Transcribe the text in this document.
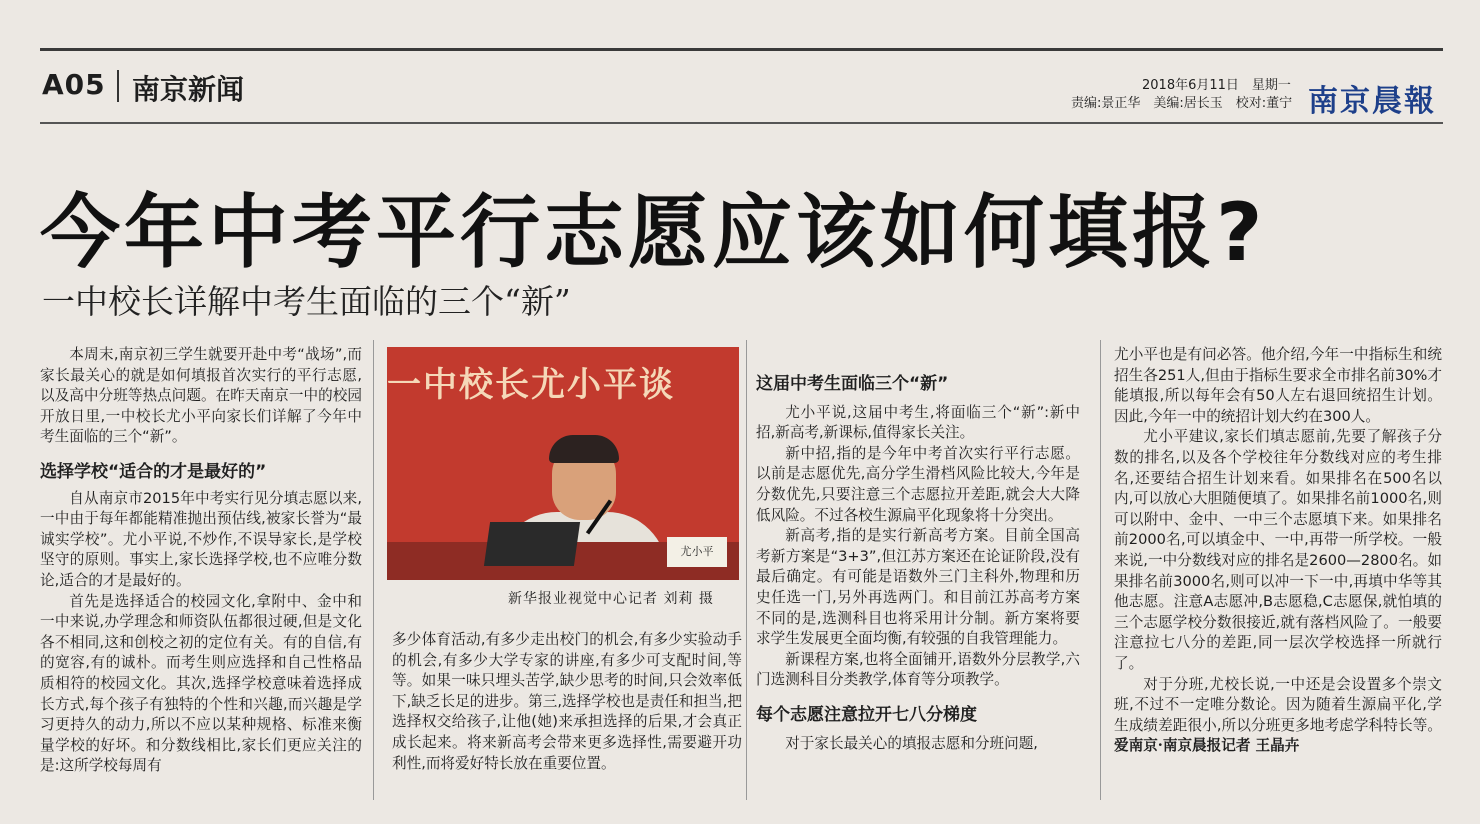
A05 南京新闻	2018年6月11日　星期一
责编:景正华　美编:居长玉　校对:董宁 南京晨報
今年中考平行志愿应该如何填报?
一中校长详解中考生面临的三个“新”

本周末,南京初三学生就要开赴中考“战场”,而家长最关心的就是如何填报首次实行的平行志愿,以及高中分班等热点问题。在昨天南京一中的校园开放日里,一中校长尤小平向家长们详解了今年中考生面临的三个“新”。

选择学校“适合的才是最好的”

自从南京市2015年中考实行见分填志愿以来,一中由于每年都能精准抛出预估线,被家长誉为“最诚实学校”。尤小平说,不炒作,不误导家长,是学校坚守的原则。事实上,家长选择学校,也不应唯分数论,适合的才是最好的。

首先是选择适合的校园文化,拿附中、金中和一中来说,办学理念和师资队伍都很过硬,但是文化各不相同,这和创校之初的定位有关。有的自信,有的宽容,有的诚朴。而考生则应选择和自己性格品质相符的校园文化。其次,选择学校意味着选择成长方式,每个孩子有独特的个性和兴趣,而兴趣是学习更持久的动力,所以不应以某种规格、标准来衡量学校的好坏。和分数线相比,家长们更应关注的是:这所学校每周有

一中校长尤小平谈
尤小平
新华报业视觉中心记者 刘莉 摄

多少体育活动,有多少走出校门的机会,有多少实验动手的机会,有多少大学专家的讲座,有多少可支配时间,等等。如果一味只埋头苦学,缺少思考的时间,只会效率低下,缺乏长足的进步。第三,选择学校也是责任和担当,把选择权交给孩子,让他(她)来承担选择的后果,才会真正成长起来。将来新高考会带来更多选择性,需要避开功利性,而将爱好特长放在重要位置。

这届中考生面临三个“新”

尤小平说,这届中考生,将面临三个“新”:新中招,新高考,新课标,值得家长关注。

新中招,指的是今年中考首次实行平行志愿。以前是志愿优先,高分学生滑档风险比较大,今年是分数优先,只要注意三个志愿拉开差距,就会大大降低风险。不过各校生源扁平化现象将十分突出。

新高考,指的是实行新高考方案。目前全国高考新方案是“3+3”,但江苏方案还在论证阶段,没有最后确定。有可能是语数外三门主科外,物理和历史任选一门,另外再选两门。和目前江苏高考方案不同的是,选测科目也将采用计分制。新方案将要求学生发展更全面均衡,有较强的自我管理能力。

新课程方案,也将全面铺开,语数外分层教学,六门选测科目分类教学,体育等分项教学。

每个志愿注意拉开七八分梯度

对于家长最关心的填报志愿和分班问题,

尤小平也是有问必答。他介绍,今年一中指标生和统招生各251人,但由于指标生要求全市排名前30%才能填报,所以每年会有50人左右退回统招生计划。因此,今年一中的统招计划大约在300人。

尤小平建议,家长们填志愿前,先要了解孩子分数的排名,以及各个学校往年分数线对应的考生排名,还要结合招生计划来看。如果排名在500名以内,可以放心大胆随便填了。如果排名前1000名,则可以附中、金中、一中三个志愿填下来。如果排名前2000名,可以填金中、一中,再带一所学校。一般来说,一中分数线对应的排名是2600—2800名。如果排名前3000名,则可以冲一下一中,再填中华等其他志愿。注意A志愿冲,B志愿稳,C志愿保,就怕填的三个志愿学校分数很接近,就有落档风险了。一般要注意拉七八分的差距,同一层次学校选择一所就行了。

对于分班,尤校长说,一中还是会设置多个崇文班,不过不一定唯分数论。因为随着生源扁平化,学生成绩差距很小,所以分班更多地考虑学科特长等。爱南京·南京晨报记者 王晶卉
